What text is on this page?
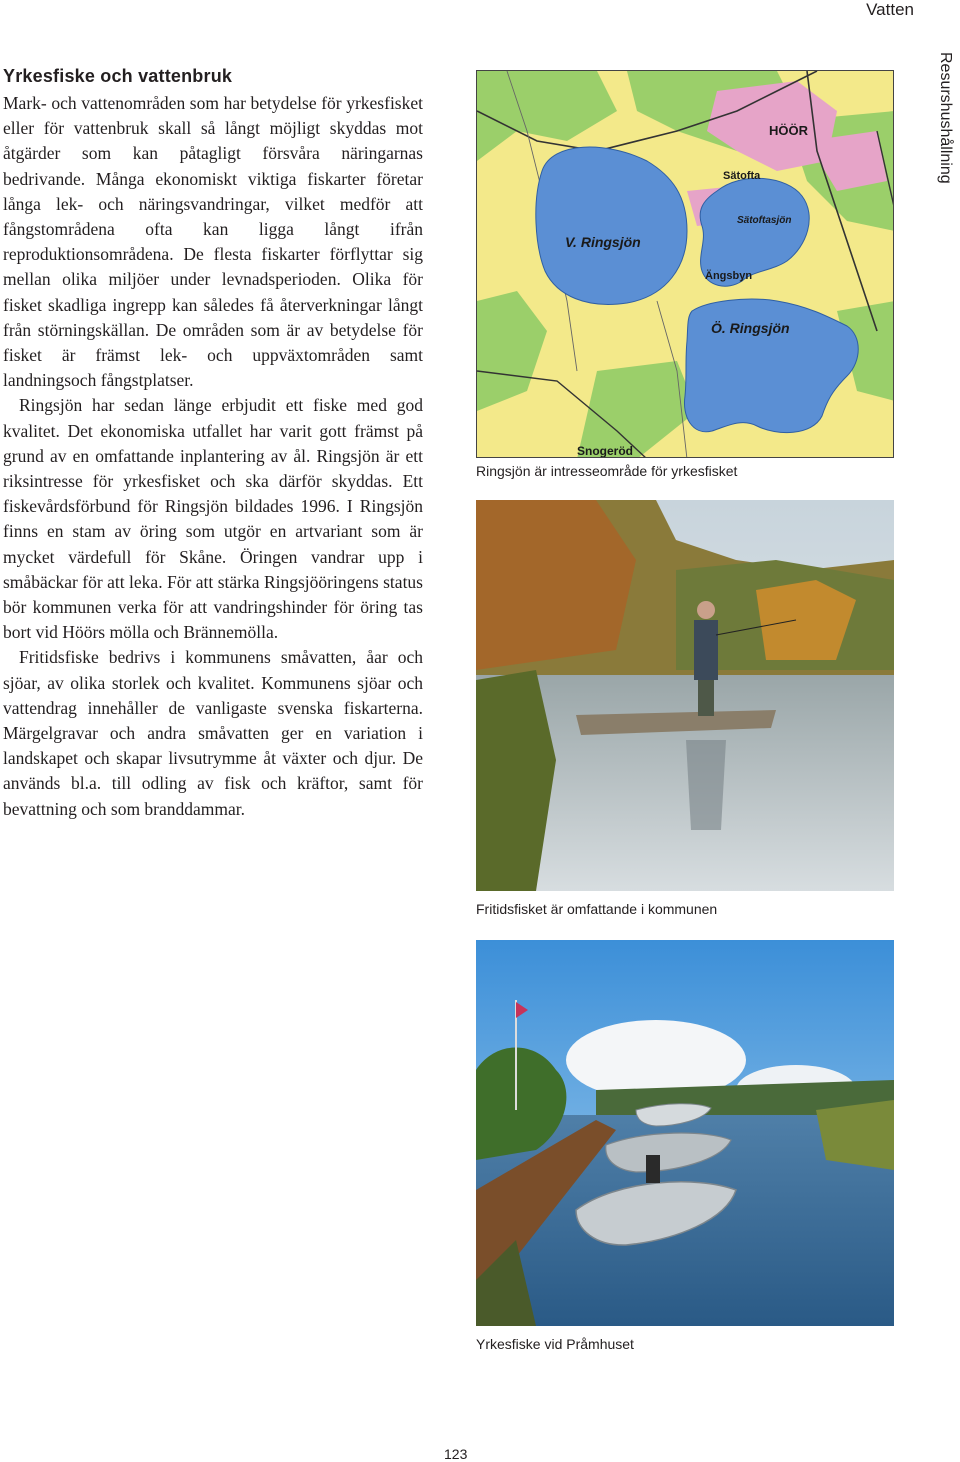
Vatten
Resurshushållning
Yrkesfiske och vattenbruk

Mark- och vattenområden som har betydelse för yrkesfisket eller för vattenbruk skall så långt möjligt skyddas mot åtgärder som kan påtagligt försvåra näringarnas bedrivande. Många ekonomiskt viktiga fiskarter företar långa lek- och näringsvandringar, vilket medför att fångstområdena ofta kan ligga långt ifrån reproduktionsområdena. De flesta fiskarter förflyttar sig mellan olika miljöer under levnadsperioden. Olika för fisket skadliga ingrepp kan således få återverkningar långt från störningskällan. De områden som är av betydelse för fisket är främst lek- och uppväxtområden samt landningsoch fångstplatser.

Ringsjön har sedan länge erbjudit ett fiske med god kvalitet. Det ekonomiska utfallet har varit gott främst på grund av en omfattande inplantering av ål. Ringsjön är ett riksintresse för yrkesfisket och ska därför skyddas. Ett fiskevårdsförbund för Ringsjön bildades 1996. I Ringsjön finns en stam av öring som utgör en artvariant som är mycket värdefull för Skåne. Öringen vandrar upp i småbäckar för att leka. För att stärka Ringsjööringens status bör kommunen verka för att vandringshinder för öring tas bort vid Höörs mölla och Brännemölla.

Fritidsfiske bedrivs i kommunens småvatten, åar och sjöar, av olika storlek och kvalitet. Kommunens sjöar och vattendrag innehåller de vanligaste svenska fiskarterna. Märgelgravar och andra småvatten ger en variation i landskapet och skapar livsutrymme åt växter och djur. De används bl.a. till odling av fisk och kräftor, samt för bevattning och som branddammar.

HÖÖR
Sätofta
Sätoftasjön
V. Ringsjön
Ängsbyn
Ö. Ringsjön
Snogeröd
Ringsjön är intresseområde för yrkesfisket
Fritidsfisket är omfattande i kommunen
Yrkesfiske vid Pråmhuset
123
